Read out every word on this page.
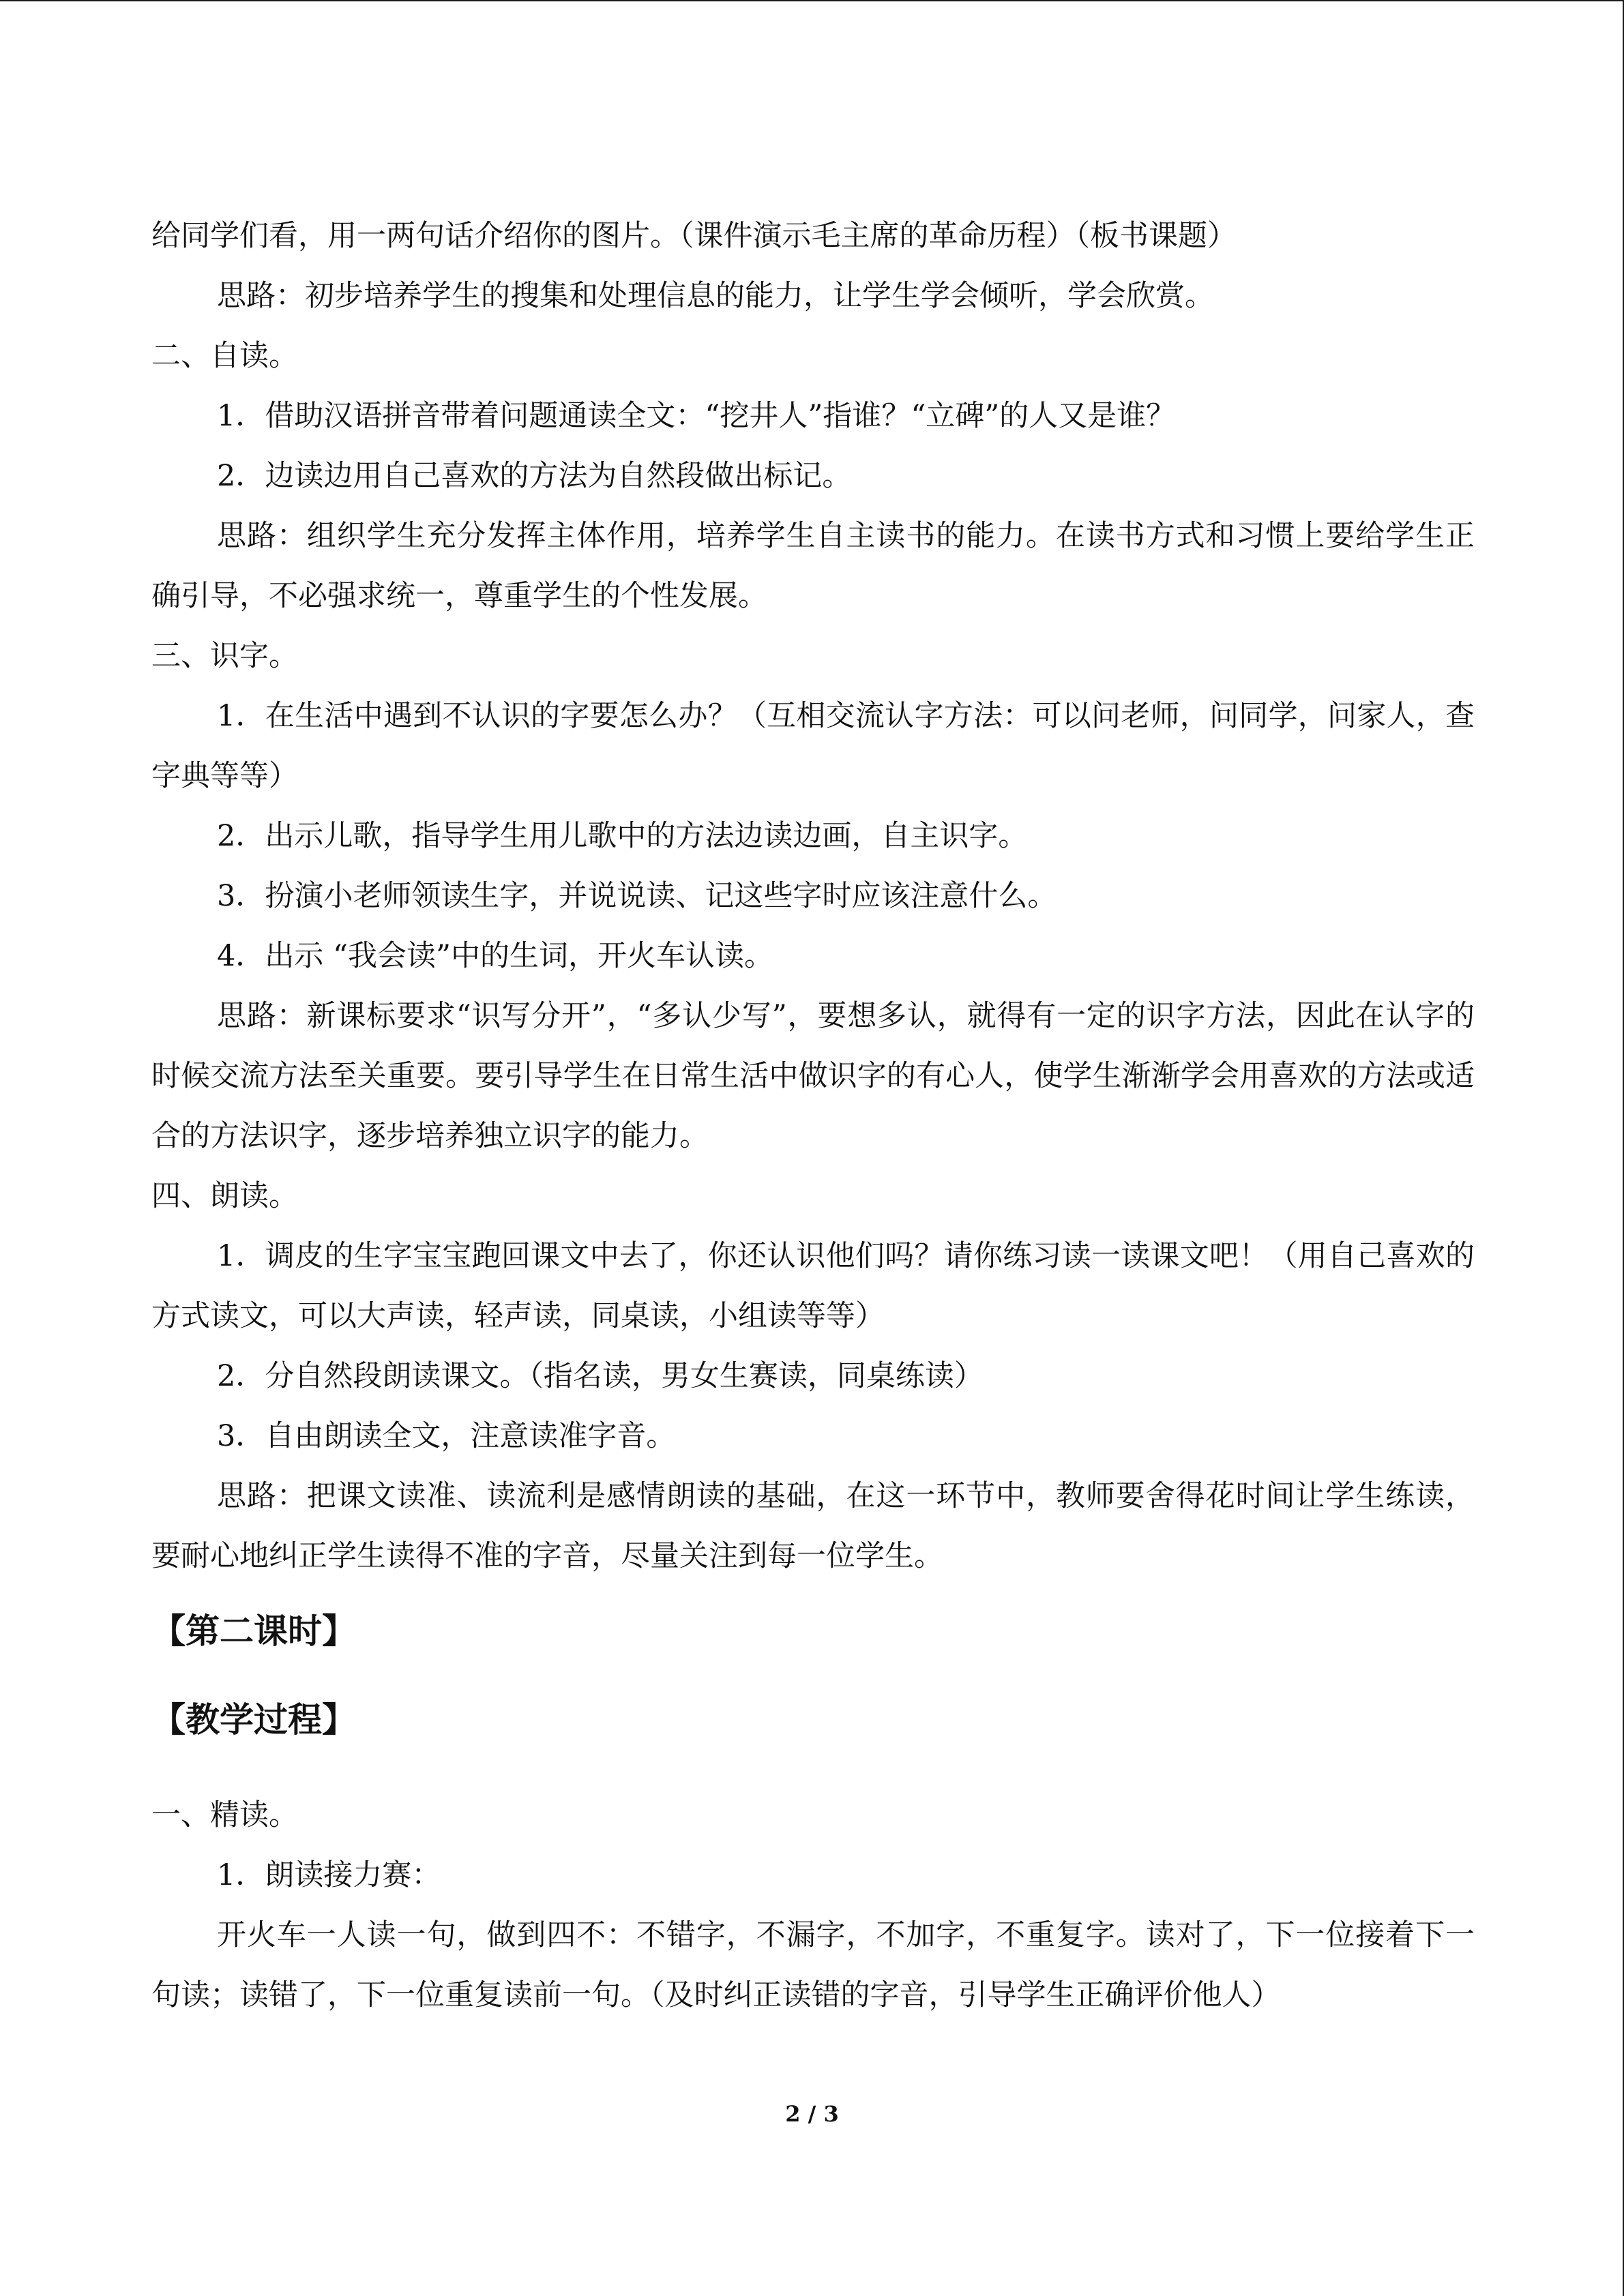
给同学们看，用一两句话介绍你的图片。（课件演示毛主席的革命历程）（板书课题）

思路：初步培养学生的搜集和处理信息的能力，让学生学会倾听，学会欣赏。

二、自读。

1．借助汉语拼音带着问题通读全文：“挖井人”指谁？“立碑”的人又是谁？

2．边读边用自己喜欢的方法为自然段做出标记。

思路：组织学生充分发挥主体作用，培养学生自主读书的能力。在读书方式和习惯上要给学生正确引导，不必强求统一，尊重学生的个性发展。

三、识字。

1．在生活中遇到不认识的字要怎么办？（互相交流认字方法：可以问老师，问同学，问家人，查字典等等）

2．出示儿歌，指导学生用儿歌中的方法边读边画，自主识字。

3．扮演小老师领读生字，并说说读、记这些字时应该注意什么。

4．出示 “我会读”中的生词，开火车认读。

思路：新课标要求“识写分开”，“多认少写”，要想多认，就得有一定的识字方法，因此在认字的时候交流方法至关重要。要引导学生在日常生活中做识字的有心人，使学生渐渐学会用喜欢的方法或适合的方法识字，逐步培养独立识字的能力。

四、朗读。

1．调皮的生字宝宝跑回课文中去了，你还认识他们吗？请你练习读一读课文吧！（用自己喜欢的方式读文，可以大声读，轻声读，同桌读，小组读等等）

2．分自然段朗读课文。（指名读，男女生赛读，同桌练读）

3．自由朗读全文，注意读准字音。

思路：把课文读准、读流利是感情朗读的基础，在这一环节中，教师要舍得花时间让学生练读，要耐心地纠正学生读得不准的字音，尽量关注到每一位学生。

【第二课时】
【教学过程】

一、精读。

1．朗读接力赛：

开火车一人读一句，做到四不：不错字，不漏字，不加字，不重复字。读对了，下一位接着下一句读；读错了，下一位重复读前一句。（及时纠正读错的字音，引导学生正确评价他人）

2 / 3
